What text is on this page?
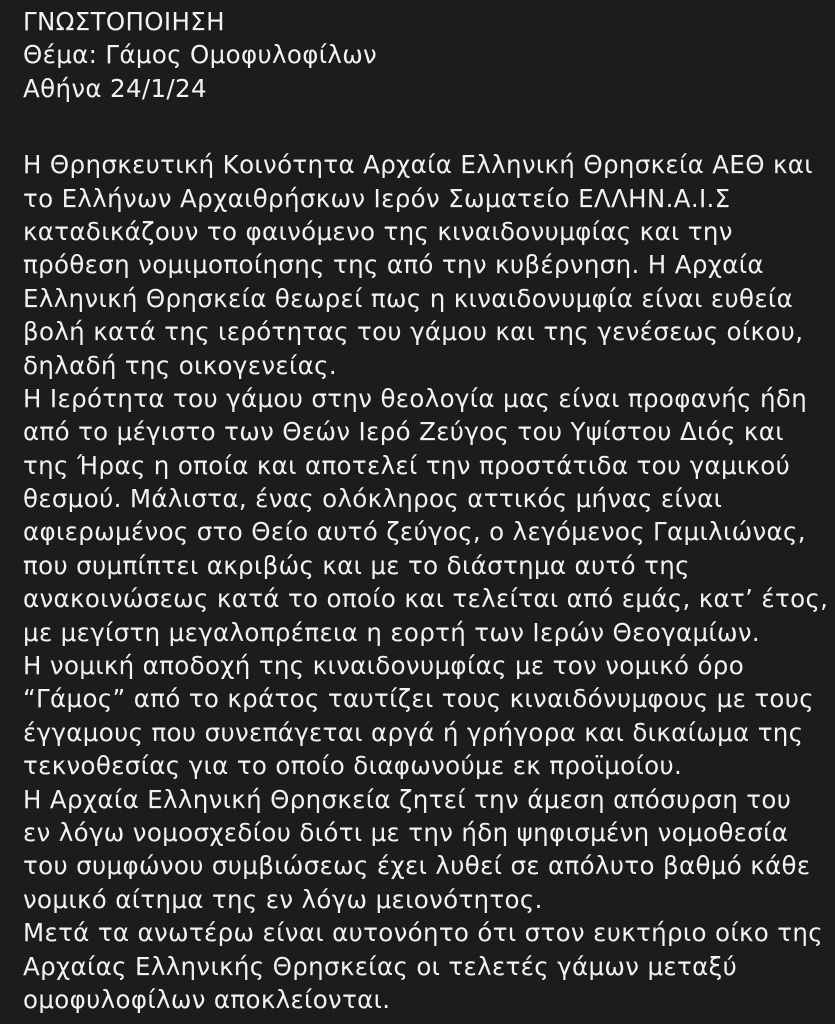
ΓΝΩΣΤΟΠΟΙΗΣΗ
Θέμα: Γάμος Ομοφυλοφίλων
Αθήνα 24/1/24
Η Θρησκευτική Κοινότητα Αρχαία Ελληνική Θρησκεία ΑΕΘ και
το Ελλήνων Αρχαιθρήσκων Ιερόν Σωματείο ΕΛΛΗΝ.Α.Ι.Σ
καταδικάζουν το φαινόμενο της κιναιδονυμφίας και την
πρόθεση νομιμοποίησης της από την κυβέρνηση. Η Αρχαία
Ελληνική Θρησκεία θεωρεί πως η κιναιδονυμφία είναι ευθεία
βολή κατά της ιερότητας του γάμου και της γενέσεως οίκου,
δηλαδή της οικογενείας.
Η Ιερότητα του γάμου στην θεολογία μας είναι προφανής ήδη
από το μέγιστο των Θεών Ιερό Ζεύγος του Υψίστου Διός και
της Ήρας η οποία και αποτελεί την προστάτιδα του γαμικού
θεσμού. Μάλιστα, ένας ολόκληρος αττικός μήνας είναι
αφιερωμένος στο Θείο αυτό ζεύγος, ο λεγόμενος Γαμιλιώνας,
που συμπίπτει ακριβώς και με το διάστημα αυτό της
ανακοινώσεως κατά το οποίο και τελείται από εμάς, κατ’ έτος,
με μεγίστη μεγαλοπρέπεια η εορτή των Ιερών Θεογαμίων.
Η νομική αποδοχή της κιναιδονυμφίας με τον νομικό όρο
“Γάμος” από το κράτος ταυτίζει τους κιναιδόνυμφους με τους
έγγαμους που συνεπάγεται αργά ή γρήγορα και δικαίωμα της
τεκνοθεσίας για το οποίο διαφωνούμε εκ προϊμοίου.
Η Αρχαία Ελληνική Θρησκεία ζητεί την άμεση απόσυρση του
εν λόγω νομοσχεδίου διότι με την ήδη ψηφισμένη νομοθεσία
του συμφώνου συμβιώσεως έχει λυθεί σε απόλυτο βαθμό κάθε
νομικό αίτημα της εν λόγω μειονότητος.
Μετά τα ανωτέρω είναι αυτονόητο ότι στον ευκτήριο οίκο της
Αρχαίας Ελληνικής Θρησκείας οι τελετές γάμων μεταξύ
ομοφυλοφίλων αποκλείονται.
